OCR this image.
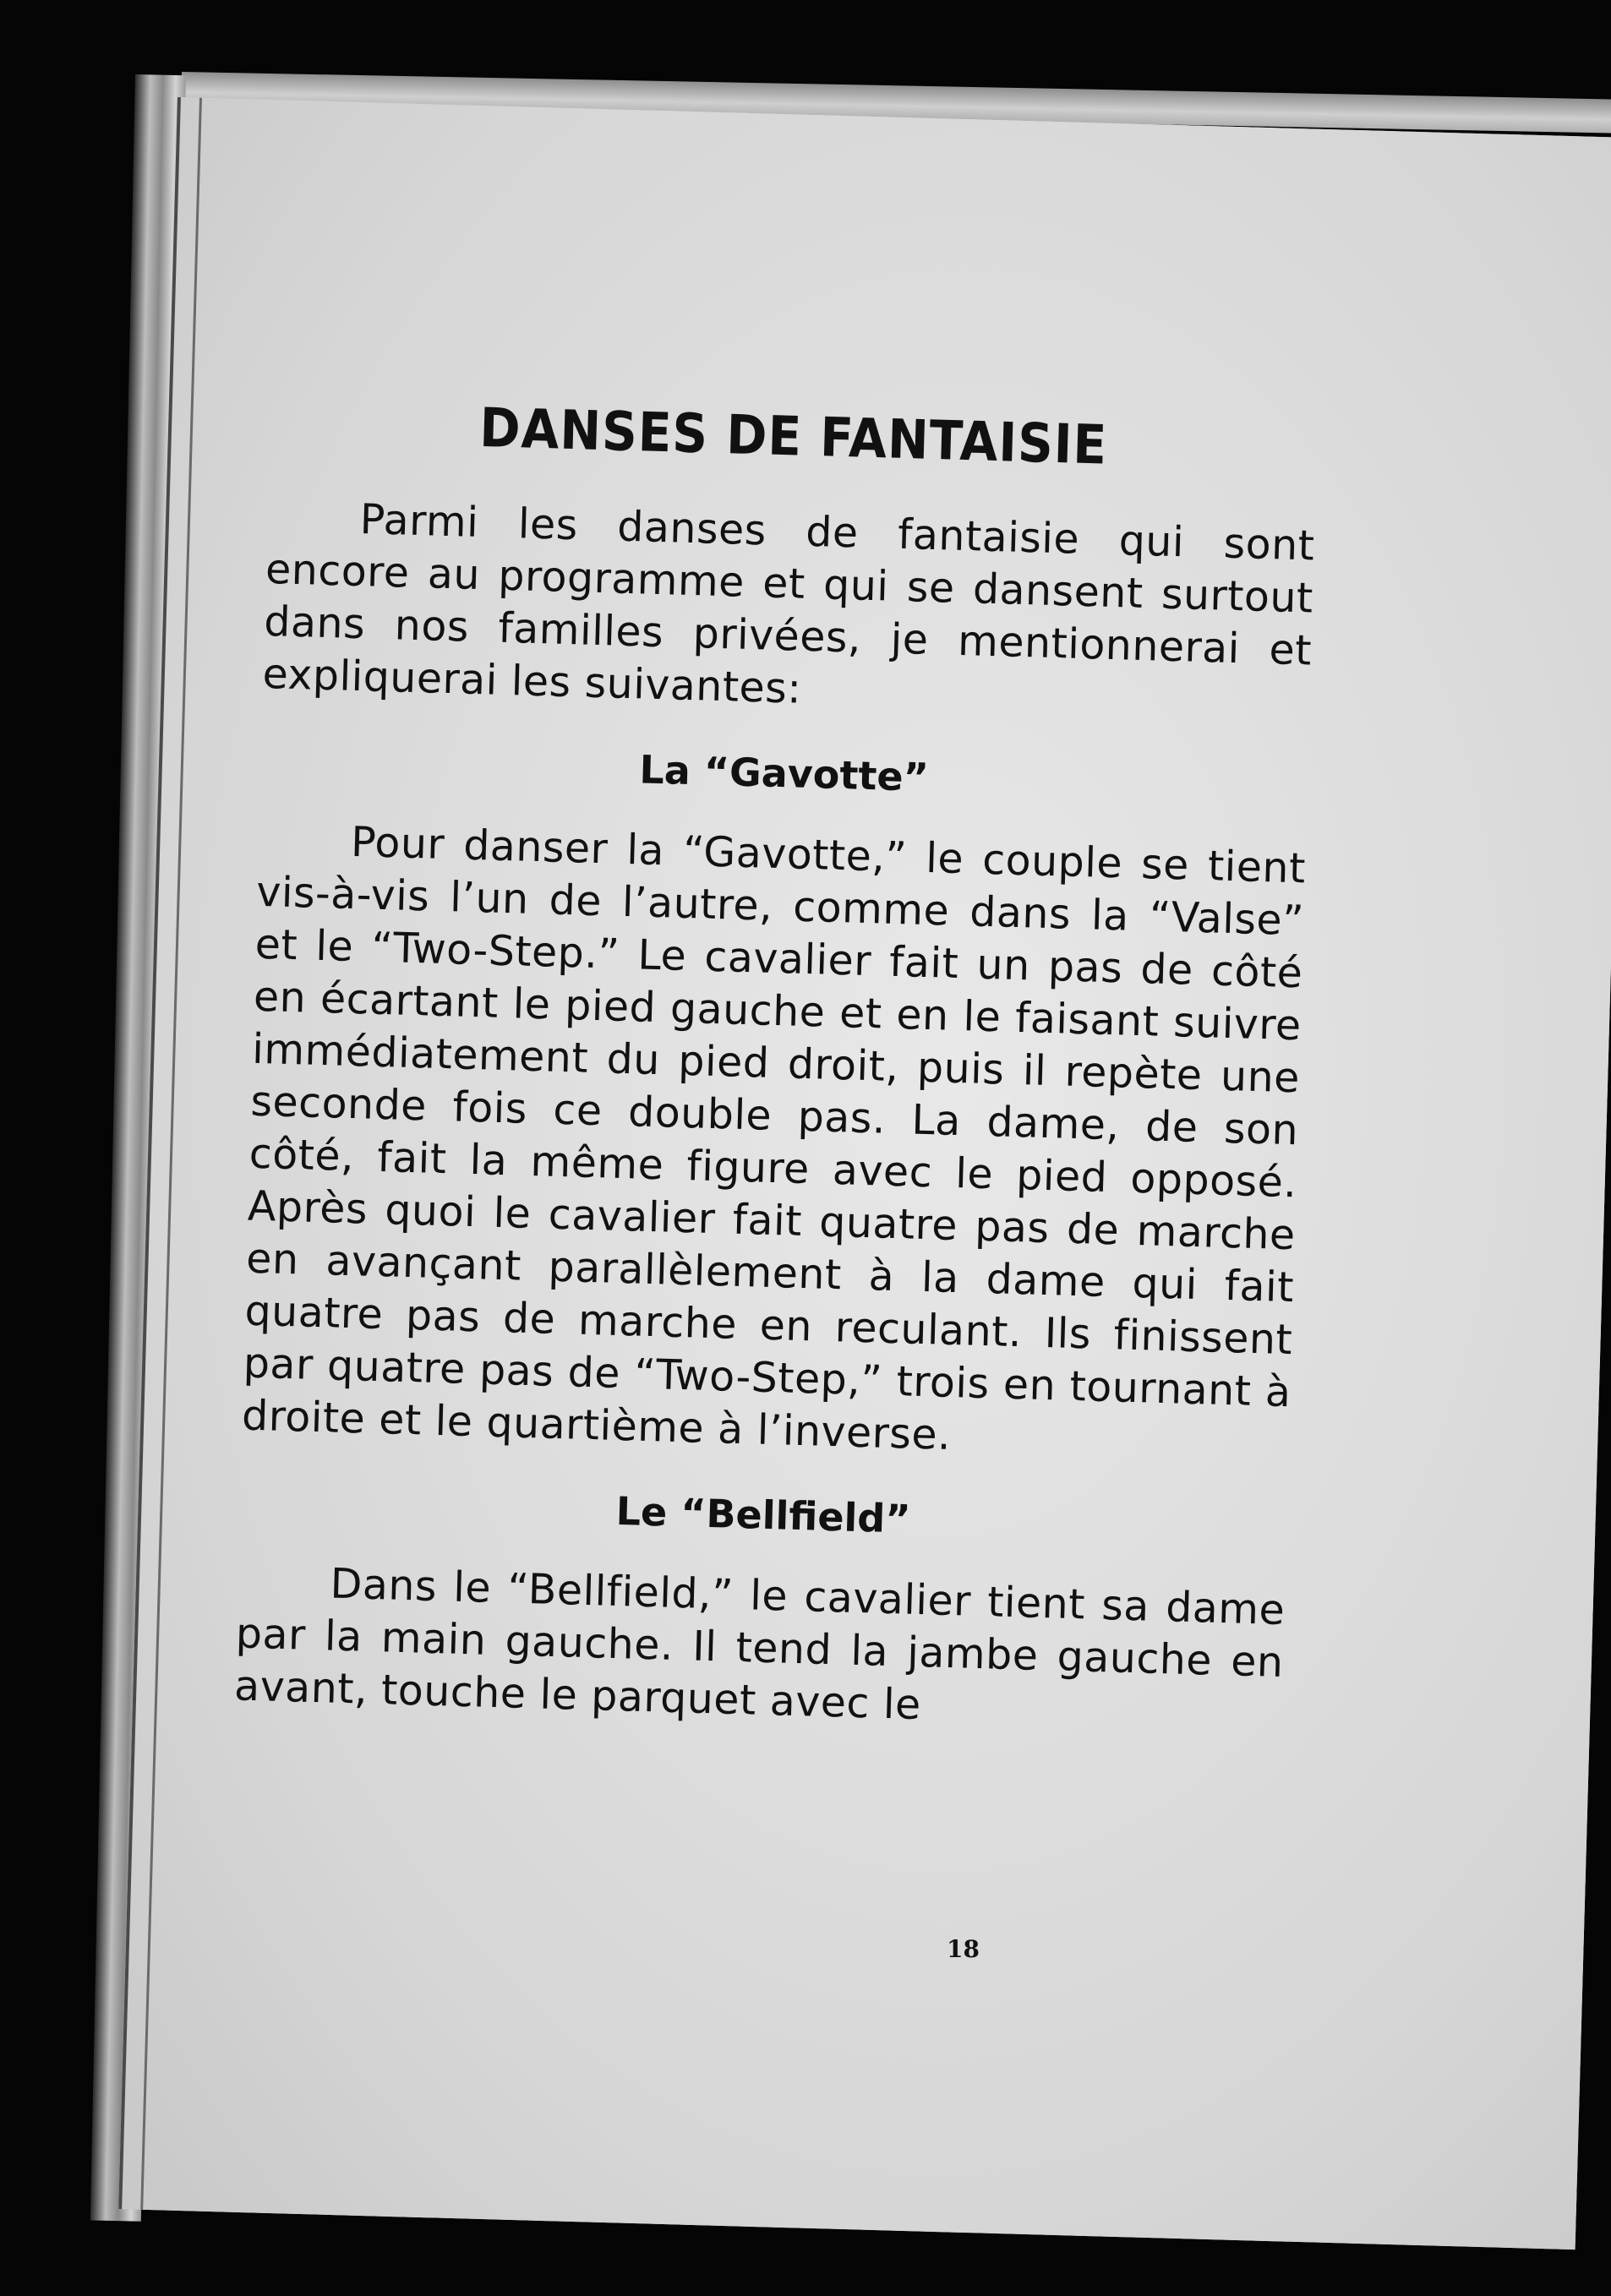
DANSES DE FANTAISIE

Parmi les danses de fantaisie qui sont encore au programme et qui se dansent surtout dans nos familles privées, je mentionnerai et expliquerai les suivantes:

La “Gavotte”

Pour danser la “Gavotte,” le couple se tient vis-à-vis l’un de l’autre, comme dans la “Valse” et le “Two-Step.” Le cavalier fait un pas de côté en écartant le pied gauche et en le faisant suivre immédiatement du pied droit, puis il repète une seconde fois ce double pas. La dame, de son côté, fait la même figure avec le pied opposé. Après quoi le cavalier fait quatre pas de marche en avançant parallèlement à la dame qui fait quatre pas de marche en reculant. Ils finissent par quatre pas de “Two-Step,” trois en tournant à droite et le quartième à l’inverse.

Le “Bellfield”

Dans le “Bellfield,” le cavalier tient sa dame par la main gauche. Il tend la jambe gauche en avant, touche le parquet avec le

18
